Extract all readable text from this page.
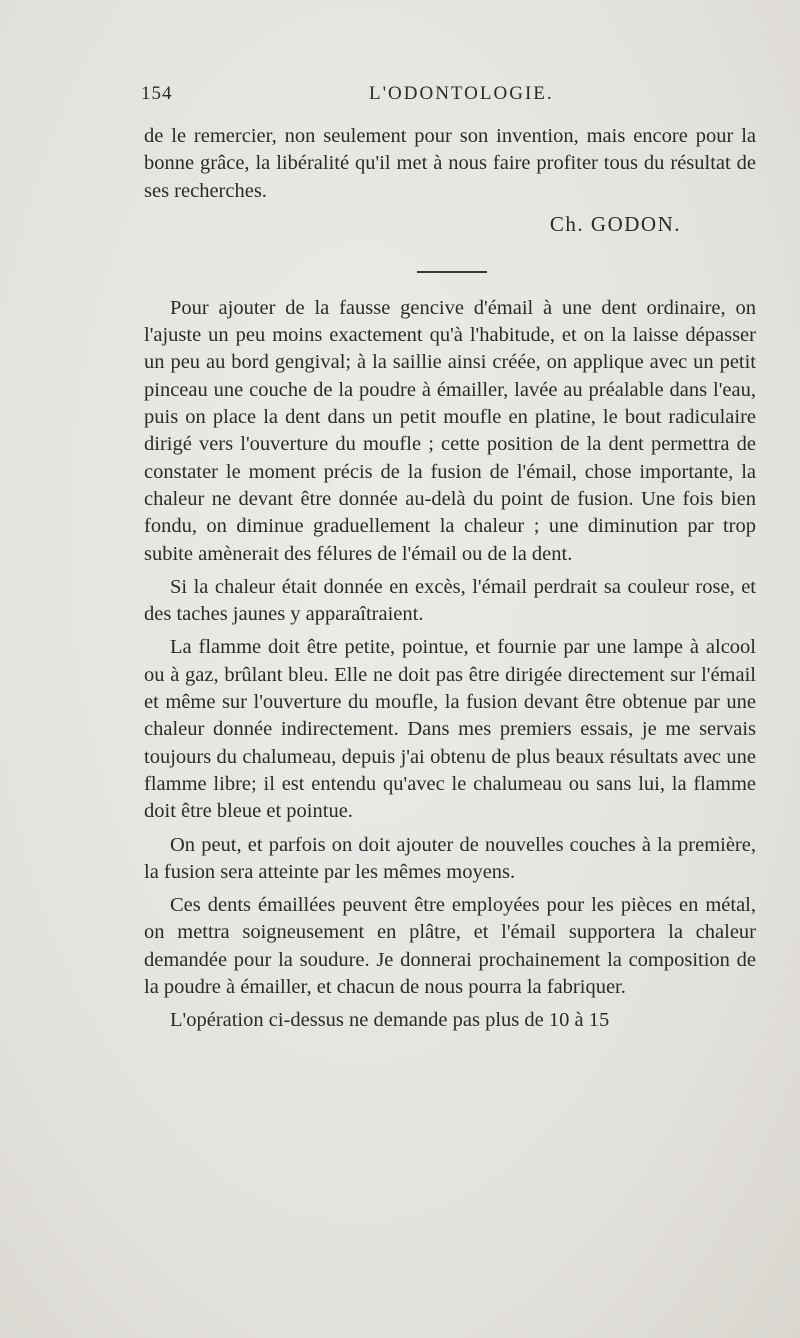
154	L'ODONTOLOGIE.

de le remercier, non seulement pour son invention, mais encore pour la bonne grâce, la libéralité qu'il met à nous faire profiter tous du résultat de ses recherches.

Ch. GODON.

Pour ajouter de la fausse gencive d'émail à une dent ordinaire, on l'ajuste un peu moins exactement qu'à l'habitude, et on la laisse dépasser un peu au bord gengival; à la saillie ainsi créée, on applique avec un petit pinceau une couche de la poudre à émailler, lavée au préalable dans l'eau, puis on place la dent dans un petit moufle en platine, le bout radiculaire dirigé vers l'ouverture du moufle ; cette position de la dent permettra de constater le moment précis de la fusion de l'émail, chose importante, la chaleur ne devant être donnée au-delà du point de fusion. Une fois bien fondu, on diminue graduellement la chaleur ; une diminution par trop subite amènerait des félures de l'émail ou de la dent.

Si la chaleur était donnée en excès, l'émail perdrait sa couleur rose, et des taches jaunes y apparaîtraient.

La flamme doit être petite, pointue, et fournie par une lampe à alcool ou à gaz, brûlant bleu. Elle ne doit pas être dirigée directement sur l'émail et même sur l'ouverture du moufle, la fusion devant être obtenue par une chaleur donnée indirectement. Dans mes premiers essais, je me servais toujours du chalumeau, depuis j'ai obtenu de plus beaux résultats avec une flamme libre; il est entendu qu'avec le chalumeau ou sans lui, la flamme doit être bleue et pointue.

On peut, et parfois on doit ajouter de nouvelles couches à la première, la fusion sera atteinte par les mêmes moyens.

Ces dents émaillées peuvent être employées pour les pièces en métal, on mettra soigneusement en plâtre, et l'émail supportera la chaleur demandée pour la soudure. Je donnerai prochainement la composition de la poudre à émailler, et chacun de nous pourra la fabriquer.

L'opération ci-dessus ne demande pas plus de 10 à 15
